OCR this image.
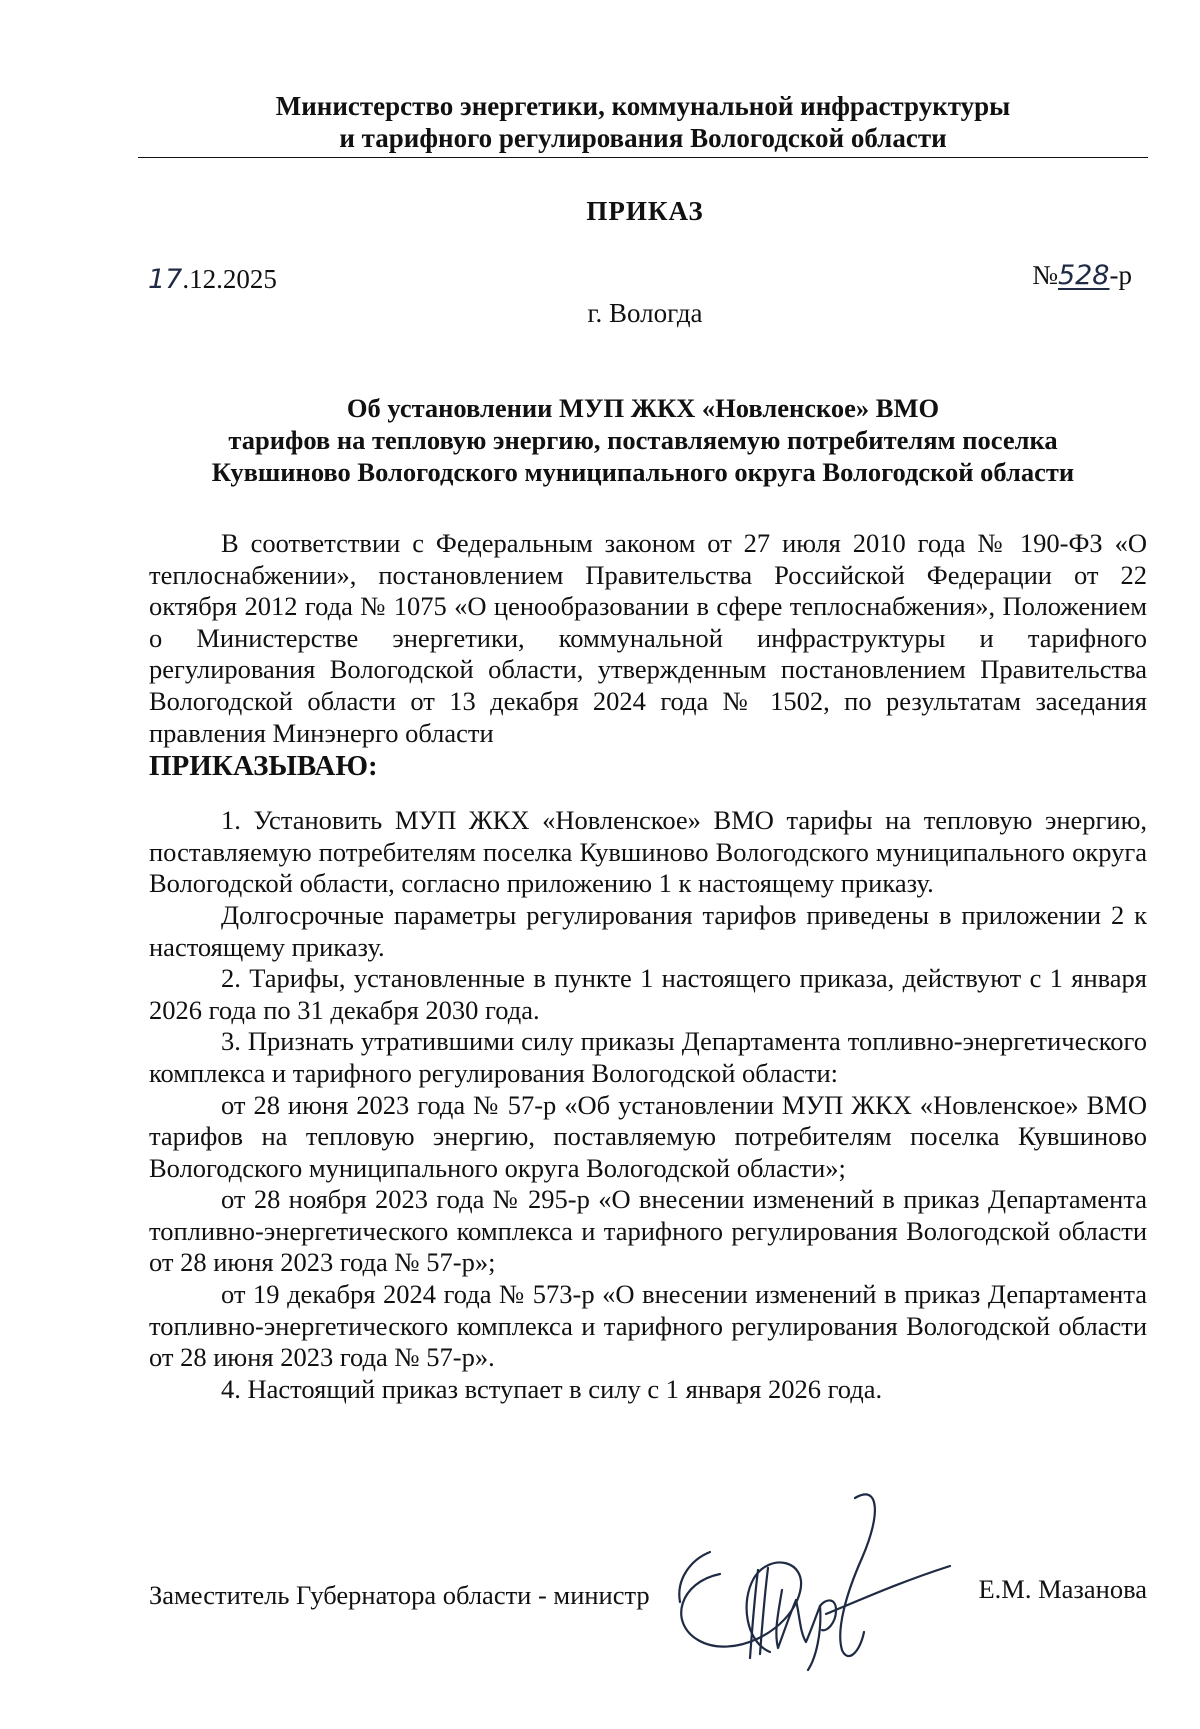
Министерство энергетики, коммунальной инфраструктуры
и тарифного регулирования Вологодской области
ПРИКАЗ
17.12.2025	№528-р
г. Вологда
Об установлении МУП ЖКХ «Новленское» ВМО
тарифов на тепловую энергию, поставляемую потребителям поселка
Кувшиново Вологодского муниципального округа Вологодской области

В соответствии с Федеральным законом от 27 июля 2010 года № 190-ФЗ «О теплоснабжении», постановлением Правительства Российской Федерации от 22 октября 2012 года № 1075 «О ценообразовании в сфере теплоснабжения», Положением о Министерстве энергетики, коммунальной инфраструктуры и тарифного регулирования Вологодской области, утвержденным постановлением Правительства Вологодской области от 13 декабря 2024 года № 1502, по результатам заседания правления Минэнерго области

ПРИКАЗЫВАЮ:

1. Установить МУП ЖКХ «Новленское» ВМО тарифы на тепловую энергию, поставляемую потребителям поселка Кувшиново Вологодского муниципального округа Вологодской области, согласно приложению 1 к настоящему приказу.

Долгосрочные параметры регулирования тарифов приведены в приложении 2 к настоящему приказу.

2. Тарифы, установленные в пункте 1 настоящего приказа, действуют с 1 января 2026 года по 31 декабря 2030 года.

3. Признать утратившими силу приказы Департамента топливно-энергетического комплекса и тарифного регулирования Вологодской области:

от 28 июня 2023 года № 57-р «Об установлении МУП ЖКХ «Новленское» ВМО тарифов на тепловую энергию, поставляемую потребителям поселка Кувшиново Вологодского муниципального округа Вологодской области»;

от 28 ноября 2023 года № 295-р «О внесении изменений в приказ Департамента топливно-энергетического комплекса и тарифного регулирования Вологодской области от 28 июня 2023 года № 57-р»;

от 19 декабря 2024 года № 573-р «О внесении изменений в приказ Департамента топливно-энергетического комплекса и тарифного регулирования Вологодской области от 28 июня 2023 года № 57-р».

4. Настоящий приказ вступает в силу с 1 января 2026 года.

Заместитель Губернатора области - министр	Е.М. Мазанова
